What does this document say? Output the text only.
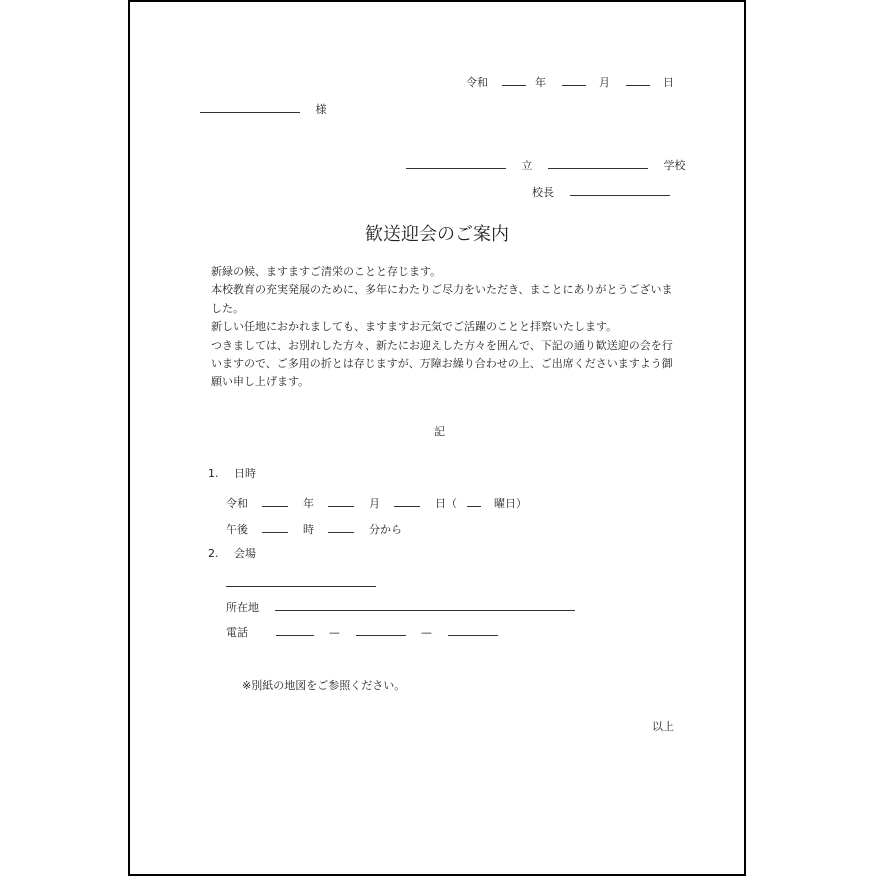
令和	年	月	日
様
立	学校
校長
歓送迎会のご案内

新緑の候、ますますご清栄のことと存じます。

本校教育の充実発展のために、多年にわたりご尽力をいただき、まことにありがとうございました。

新しい任地におかれましても、ますますお元気でご活躍のことと拝察いたします。

つきましては、お別れした方々、新たにお迎えした方々を囲んで、下記の通り歓送迎の会を行いますので、ご多用の折とは存じますが、万障お繰り合わせの上、ご出席くださいますよう御願い申し上げます。

記
1. 日時
令和	年	月	日（	曜日）
午後	時	分から
2. 会場
所在地
電話	—	—
※別紙の地図をご参照ください。
以上
